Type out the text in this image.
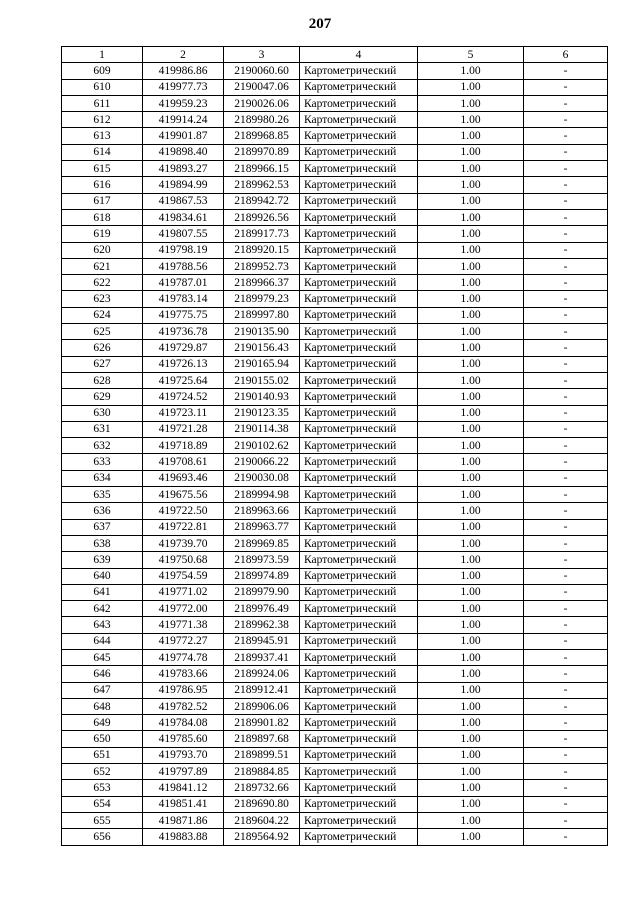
207
1	2	3	4	5	6
609	419986.86	2190060.60	Картометрический	1.00	-
610	419977.73	2190047.06	Картометрический	1.00	-
611	419959.23	2190026.06	Картометрический	1.00	-
612	419914.24	2189980.26	Картометрический	1.00	-
613	419901.87	2189968.85	Картометрический	1.00	-
614	419898.40	2189970.89	Картометрический	1.00	-
615	419893.27	2189966.15	Картометрический	1.00	-
616	419894.99	2189962.53	Картометрический	1.00	-
617	419867.53	2189942.72	Картометрический	1.00	-
618	419834.61	2189926.56	Картометрический	1.00	-
619	419807.55	2189917.73	Картометрический	1.00	-
620	419798.19	2189920.15	Картометрический	1.00	-
621	419788.56	2189952.73	Картометрический	1.00	-
622	419787.01	2189966.37	Картометрический	1.00	-
623	419783.14	2189979.23	Картометрический	1.00	-
624	419775.75	2189997.80	Картометрический	1.00	-
625	419736.78	2190135.90	Картометрический	1.00	-
626	419729.87	2190156.43	Картометрический	1.00	-
627	419726.13	2190165.94	Картометрический	1.00	-
628	419725.64	2190155.02	Картометрический	1.00	-
629	419724.52	2190140.93	Картометрический	1.00	-
630	419723.11	2190123.35	Картометрический	1.00	-
631	419721.28	2190114.38	Картометрический	1.00	-
632	419718.89	2190102.62	Картометрический	1.00	-
633	419708.61	2190066.22	Картометрический	1.00	-
634	419693.46	2190030.08	Картометрический	1.00	-
635	419675.56	2189994.98	Картометрический	1.00	-
636	419722.50	2189963.66	Картометрический	1.00	-
637	419722.81	2189963.77	Картометрический	1.00	-
638	419739.70	2189969.85	Картометрический	1.00	-
639	419750.68	2189973.59	Картометрический	1.00	-
640	419754.59	2189974.89	Картометрический	1.00	-
641	419771.02	2189979.90	Картометрический	1.00	-
642	419772.00	2189976.49	Картометрический	1.00	-
643	419771.38	2189962.38	Картометрический	1.00	-
644	419772.27	2189945.91	Картометрический	1.00	-
645	419774.78	2189937.41	Картометрический	1.00	-
646	419783.66	2189924.06	Картометрический	1.00	-
647	419786.95	2189912.41	Картометрический	1.00	-
648	419782.52	2189906.06	Картометрический	1.00	-
649	419784.08	2189901.82	Картометрический	1.00	-
650	419785.60	2189897.68	Картометрический	1.00	-
651	419793.70	2189899.51	Картометрический	1.00	-
652	419797.89	2189884.85	Картометрический	1.00	-
653	419841.12	2189732.66	Картометрический	1.00	-
654	419851.41	2189690.80	Картометрический	1.00	-
655	419871.86	2189604.22	Картометрический	1.00	-
656	419883.88	2189564.92	Картометрический	1.00	-
